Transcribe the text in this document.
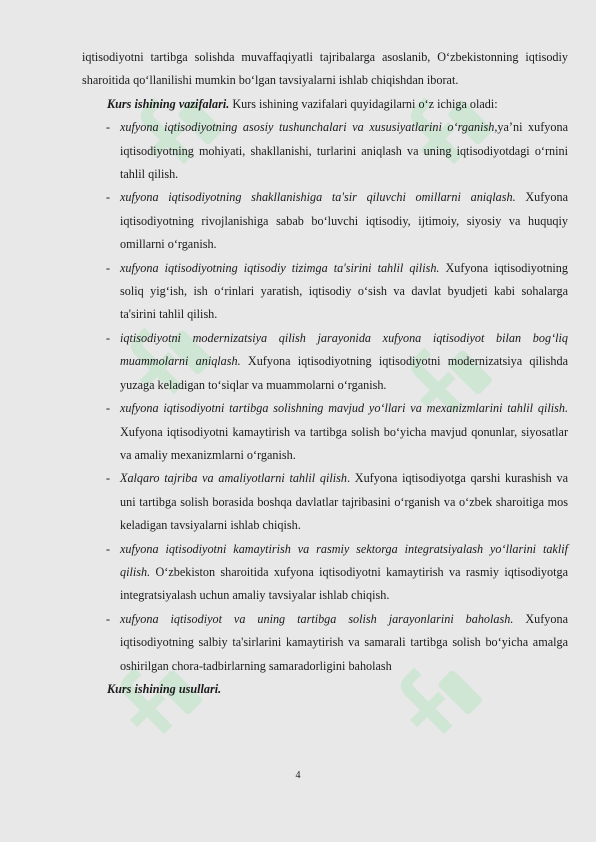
iqtisodiyotni tartibga solishda muvaffaqiyatli tajribalarga asoslanib, O‘zbekistonning iqtisodiy sharoitida qo‘llanilishi mumkin bo‘lgan tavsiyalarni ishlab chiqishdan iborat.

Kurs ishining vazifalari. Kurs ishining vazifalari quyidagilarni o‘z ichiga oladi:

- xufyona iqtisodiyotning asosiy tushunchalari va xususiyatlarini o‘rganish,ya’ni xufyona iqtisodiyotning mohiyati, shakllanishi, turlarini aniqlash va uning iqtisodiyotdagi o‘rnini tahlil qilish.

- xufyona iqtisodiyotning shakllanishiga ta'sir qiluvchi omillarni aniqlash. Xufyona iqtisodiyotning rivojlanishiga sabab bo‘luvchi iqtisodiy, ijtimoiy, siyosiy va huquqiy omillarni o‘rganish.

- xufyona iqtisodiyotning iqtisodiy tizimga ta'sirini tahlil qilish. Xufyona iqtisodiyotning soliq yig‘ish, ish o‘rinlari yaratish, iqtisodiy o‘sish va davlat byudjeti kabi sohalarga ta'sirini tahlil qilish.

- iqtisodiyotni modernizatsiya qilish jarayonida xufyona iqtisodiyot bilan bog‘liq muammolarni aniqlash. Xufyona iqtisodiyotning iqtisodiyotni modernizatsiya qilishda yuzaga keladigan to‘siqlar va muammolarni o‘rganish.

- xufyona iqtisodiyotni tartibga solishning mavjud yo‘llari va mexanizmlarini tahlil qilish. Xufyona iqtisodiyotni kamaytirish va tartibga solish bo‘yicha mavjud qonunlar, siyosatlar va amaliy mexanizmlarni o‘rganish.

- Xalqaro tajriba va amaliyotlarni tahlil qilish. Xufyona iqtisodiyotga qarshi kurashish va uni tartibga solish borasida boshqa davlatlar tajribasini o‘rganish va o‘zbek sharoitiga mos keladigan tavsiyalarni ishlab chiqish.

- xufyona iqtisodiyotni kamaytirish va rasmiy sektorga integratsiyalash yo‘llarini taklif qilish. O‘zbekiston sharoitida xufyona iqtisodiyotni kamaytirish va rasmiy iqtisodiyotga integratsiyalash uchun amaliy tavsiyalar ishlab chiqish.

- xufyona iqtisodiyot va uning tartibga solish jarayonlarini baholash. Xufyona iqtisodiyotning salbiy ta'sirlarini kamaytirish va samarali tartibga solish bo‘yicha amalga oshirilgan chora-tadbirlarning samaradorligini baholash

Kurs ishining usullari.

4
